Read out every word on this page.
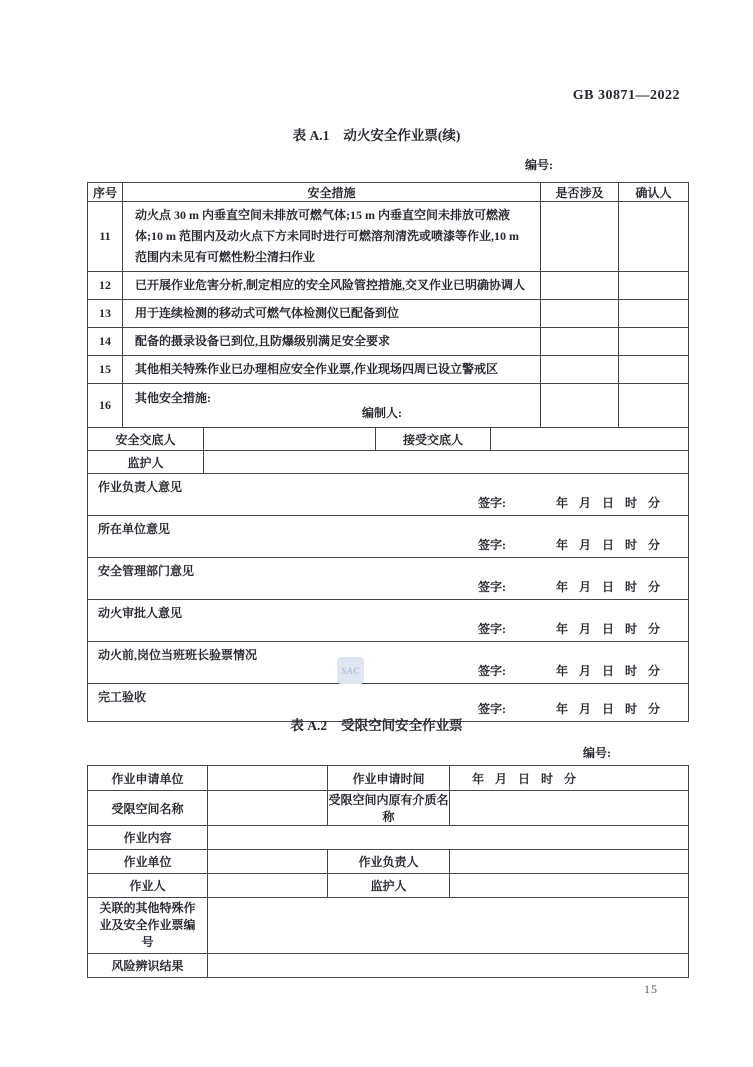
GB 30871—2022
表 A.1 动火安全作业票(续)
编号:
序号	安全措施	是否涉及	确认人
11	动火点 30 m 内垂直空间未排放可燃气体;15 m 内垂直空间未排放可燃液体;10 m 范围内及动火点下方未同时进行可燃溶剂清洗或喷漆等作业,10 m 范围内未见有可燃性粉尘清扫作业		
12	已开展作业危害分析,制定相应的安全风险管控措施,交叉作业已明确协调人		
13	用于连续检测的移动式可燃气体检测仪已配备到位		
14	配备的摄录设备已到位,且防爆级别满足安全要求		
15	其他相关特殊作业已办理相应安全作业票,作业现场四周已设立警戒区		
16	其他安全措施:
编制人:		

安全交底人		接受交底人	
监护人			
作业负责人意见
签字:	年 月 日 时 分

所在单位意见
签字:	年 月 日 时 分

安全管理部门意见
签字:	年 月 日 时 分

动火审批人意见
签字:	年 月 日 时 分

动火前,岗位当班班长验票情况
签字:	年 月 日 时 分

完工验收
签字:	年 月 日 时 分
表 A.2 受限空间安全作业票
编号:
作业申请单位		作业申请时间	年 月 日 时 分
受限空间名称		受限空间内原有介质名称	
作业内容			
作业单位		作业负责人	
作业人		监护人	
关联的其他特殊作业及安全作业票编号			
风险辨识结果			
SAC
15
